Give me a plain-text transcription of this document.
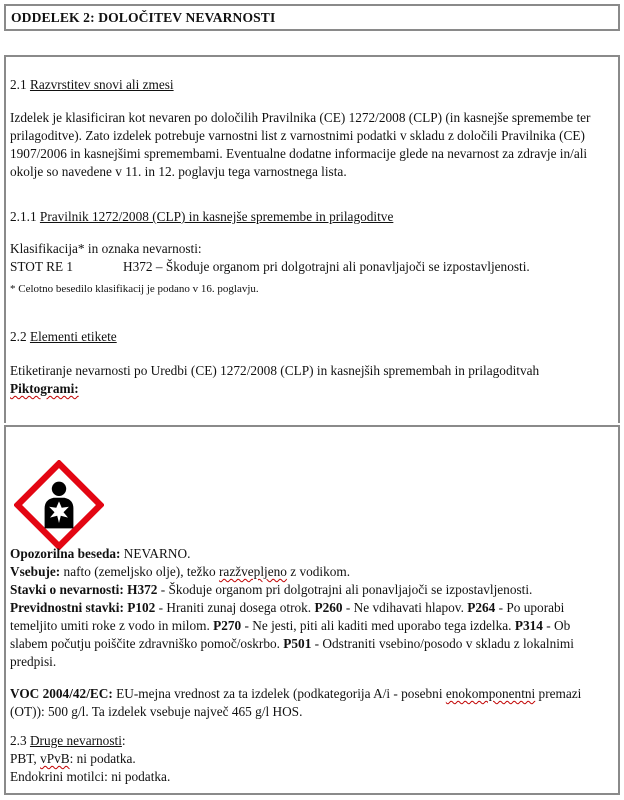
ODDELEK 2: DOLOČITEV NEVARNOSTI

2.1 Razvrstitev snovi ali zmesi

Izdelek je klasificiran kot nevaren po določilih Pravilnika (CE) 1272/2008 (CLP) (in kasnejše spremembe ter prilagoditve). Zato izdelek potrebuje varnostni list z varnostnimi podatki v skladu z določili Pravilnika (CE) 1907/2006 in kasnejšimi spremembami. Eventualne dodatne informacije glede na nevarnost za zdravje in/ali okolje so navedene v 11. in 12. poglavju tega varnostnega lista.

2.1.1 Pravilnik 1272/2008 (CLP) in kasnejše spremembe in prilagoditve

Klasifikacija* in oznaka nevarnosti:

STOT RE 1	H372 – Škoduje organom pri dolgotrajni ali ponavljajoči se izpostavljenosti.

* Celotno besedilo klasifikacij je podano v 16. poglavju.

2.2 Elementi etikete

Etiketiranje nevarnosti po Uredbi (CE) 1272/2008 (CLP) in kasnejših spremembah in prilagoditvah

Piktogrami:

Opozorilna beseda: NEVARNO.

Vsebuje: nafto (zemeljsko olje), težko razžvepljeno z vodikom.

Stavki o nevarnosti: H372 - Škoduje organom pri dolgotrajni ali ponavljajoči se izpostavljenosti.

Previdnostni stavki: P102 - Hraniti zunaj dosega otrok. P260 - Ne vdihavati hlapov. P264 - Po uporabi temeljito umiti roke z vodo in milom. P270 - Ne jesti, piti ali kaditi med uporabo tega izdelka. P314 - Ob slabem počutju poiščite zdravniško pomoč/oskrbo. P501 - Odstraniti vsebino/posodo v skladu z lokalnimi predpisi.

VOC 2004/42/EC: EU-mejna vrednost za ta izdelek (podkategorija A/i - posebni enokomponentni premazi (OT)): 500 g/l. Ta izdelek vsebuje največ 465 g/l HOS.

2.3 Druge nevarnosti:

PBT, vPvB: ni podatka.

Endokrini motilci: ni podatka.
